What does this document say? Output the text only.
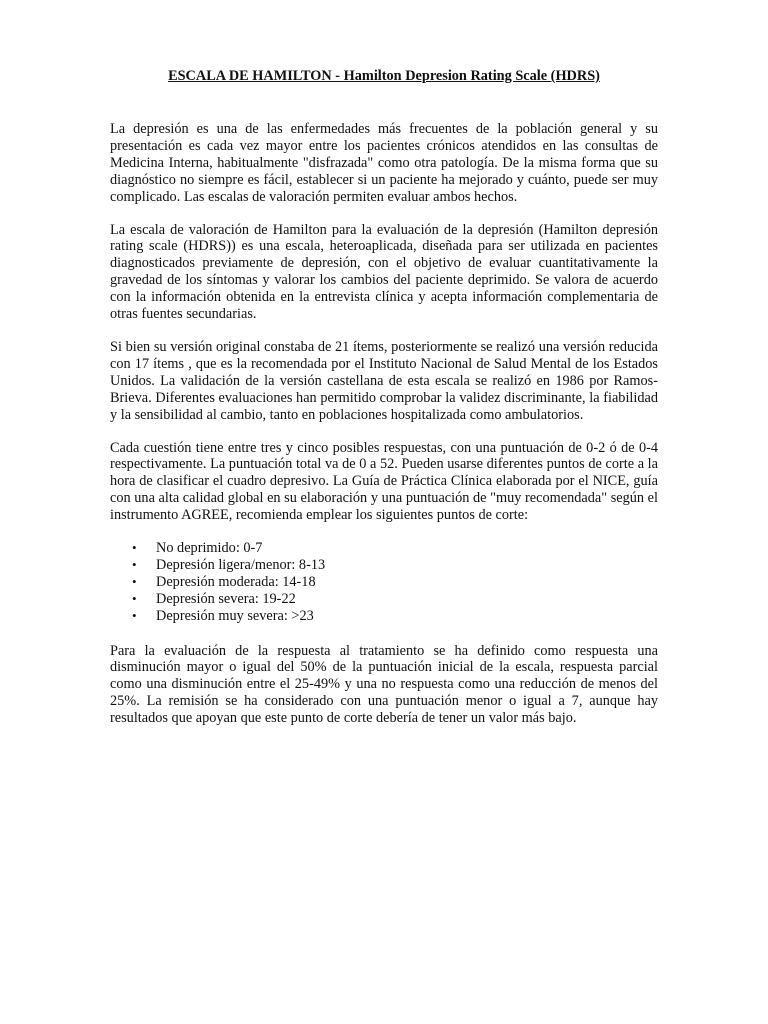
ESCALA DE HAMILTON - Hamilton Depresion Rating Scale (HDRS)

La depresión es una de las enfermedades más frecuentes de la población general y su presentación es cada vez mayor entre los pacientes crónicos atendidos en las consultas de Medicina Interna, habitualmente "disfrazada" como otra patología. De la misma forma que su diagnóstico no siempre es fácil, establecer si un paciente ha mejorado y cuánto, puede ser muy complicado. Las escalas de valoración permiten evaluar ambos hechos.

La escala de valoración de Hamilton para la evaluación de la depresión (Hamilton depresión rating scale (HDRS)) es una escala, heteroaplicada, diseñada para ser utilizada en pacientes diagnosticados previamente de depresión, con el objetivo de evaluar cuantitativamente la gravedad de los síntomas y valorar los cambios del paciente deprimido. Se valora de acuerdo con la información obtenida en la entrevista clínica y acepta información complementaria de otras fuentes secundarias.

Si bien su versión original constaba de 21 ítems, posteriormente se realizó una versión reducida con 17 ítems , que es la recomendada por el Instituto Nacional de Salud Mental de los Estados Unidos. La validación de la versión castellana de esta escala se realizó en 1986 por Ramos-Brieva. Diferentes evaluaciones han permitido comprobar la validez discriminante, la fiabilidad y la sensibilidad al cambio, tanto en poblaciones hospitalizada como ambulatorios.

Cada cuestión tiene entre tres y cinco posibles respuestas, con una puntuación de 0-2 ó de 0-4 respectivamente. La puntuación total va de 0 a 52. Pueden usarse diferentes puntos de corte a la hora de clasificar el cuadro depresivo. La Guía de Práctica Clínica elaborada por el NICE, guía con una alta calidad global en su elaboración y una puntuación de "muy recomendada" según el instrumento AGREE, recomienda emplear los siguientes puntos de corte:

• No deprimido: 0-7
• Depresión ligera/menor: 8-13
• Depresión moderada: 14-18
• Depresión severa: 19-22
• Depresión muy severa: >23

Para la evaluación de la respuesta al tratamiento se ha definido como respuesta una disminución mayor o igual del 50% de la puntuación inicial de la escala, respuesta parcial como una disminución entre el 25-49% y una no respuesta como una reducción de menos del 25%. La remisión se ha considerado con una puntuación menor o igual a 7, aunque hay resultados que apoyan que este punto de corte debería de tener un valor más bajo.
